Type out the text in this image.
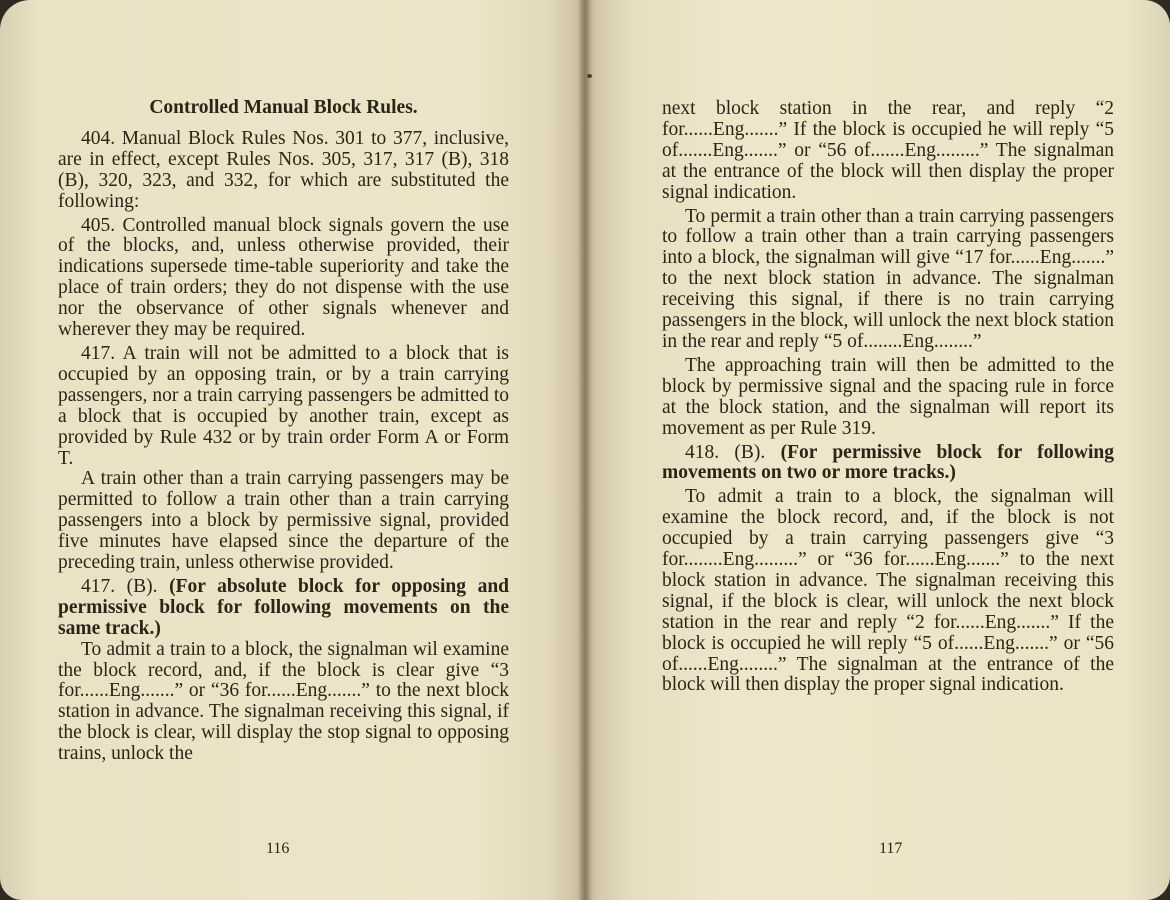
Controlled Manual Block Rules.

404. Manual Block Rules Nos. 301 to 377, inclusive, are in effect, except Rules Nos. 305, 317, 317 (B), 318 (B), 320, 323, and 332, for which are substituted the following:

405. Controlled manual block signals govern the use of the blocks, and, unless otherwise provided, their indications supersede time-table superiority and take the place of train orders; they do not dispense with the use nor the observance of other signals whenever and wherever they may be required.

417. A train will not be admitted to a block that is occupied by an opposing train, or by a train carrying passengers, nor a train carrying passengers be admitted to a block that is occupied by another train, except as provided by Rule 432 or by train order Form A or Form T.

A train other than a train carrying passengers may be permitted to follow a train other than a train carrying passengers into a block by permissive signal, provided five minutes have elapsed since the departure of the preceding train, unless otherwise provided.

417. (B). (For absolute block for opposing and permissive block for following movements on the same track.)

To admit a train to a block, the signalman wil examine the block record, and, if the block is clear give “3 for......Eng.......” or “36 for......Eng.......” to the next block station in advance. The signalman receiving this signal, if the block is clear, will display the stop signal to opposing trains, unlock the

116

next block station in the rear, and reply “2 for......Eng.......” If the block is occupied he will reply “5 of.......Eng.......” or “56 of.......Eng.........” The signalman at the entrance of the block will then display the proper signal indication.

To permit a train other than a train carrying passengers to follow a train other than a train carrying passengers into a block, the signalman will give “17 for......Eng.......” to the next block station in advance. The signalman receiving this signal, if there is no train carrying passengers in the block, will unlock the next block station in the rear and reply “5 of........Eng........”

The approaching train will then be admitted to the block by permissive signal and the spacing rule in force at the block station, and the signalman will report its movement as per Rule 319.

418. (B). (For permissive block for following movements on two or more tracks.)

To admit a train to a block, the signalman will examine the block record, and, if the block is not occupied by a train carrying passengers give “3 for........Eng.........” or “36 for......Eng.......” to the next block station in advance. The signalman receiving this signal, if the block is clear, will unlock the next block station in the rear and reply “2 for......Eng.......” If the block is occupied he will reply “5 of......Eng.......” or “56 of......Eng........” The signalman at the entrance of the block will then display the proper signal indication.

117
